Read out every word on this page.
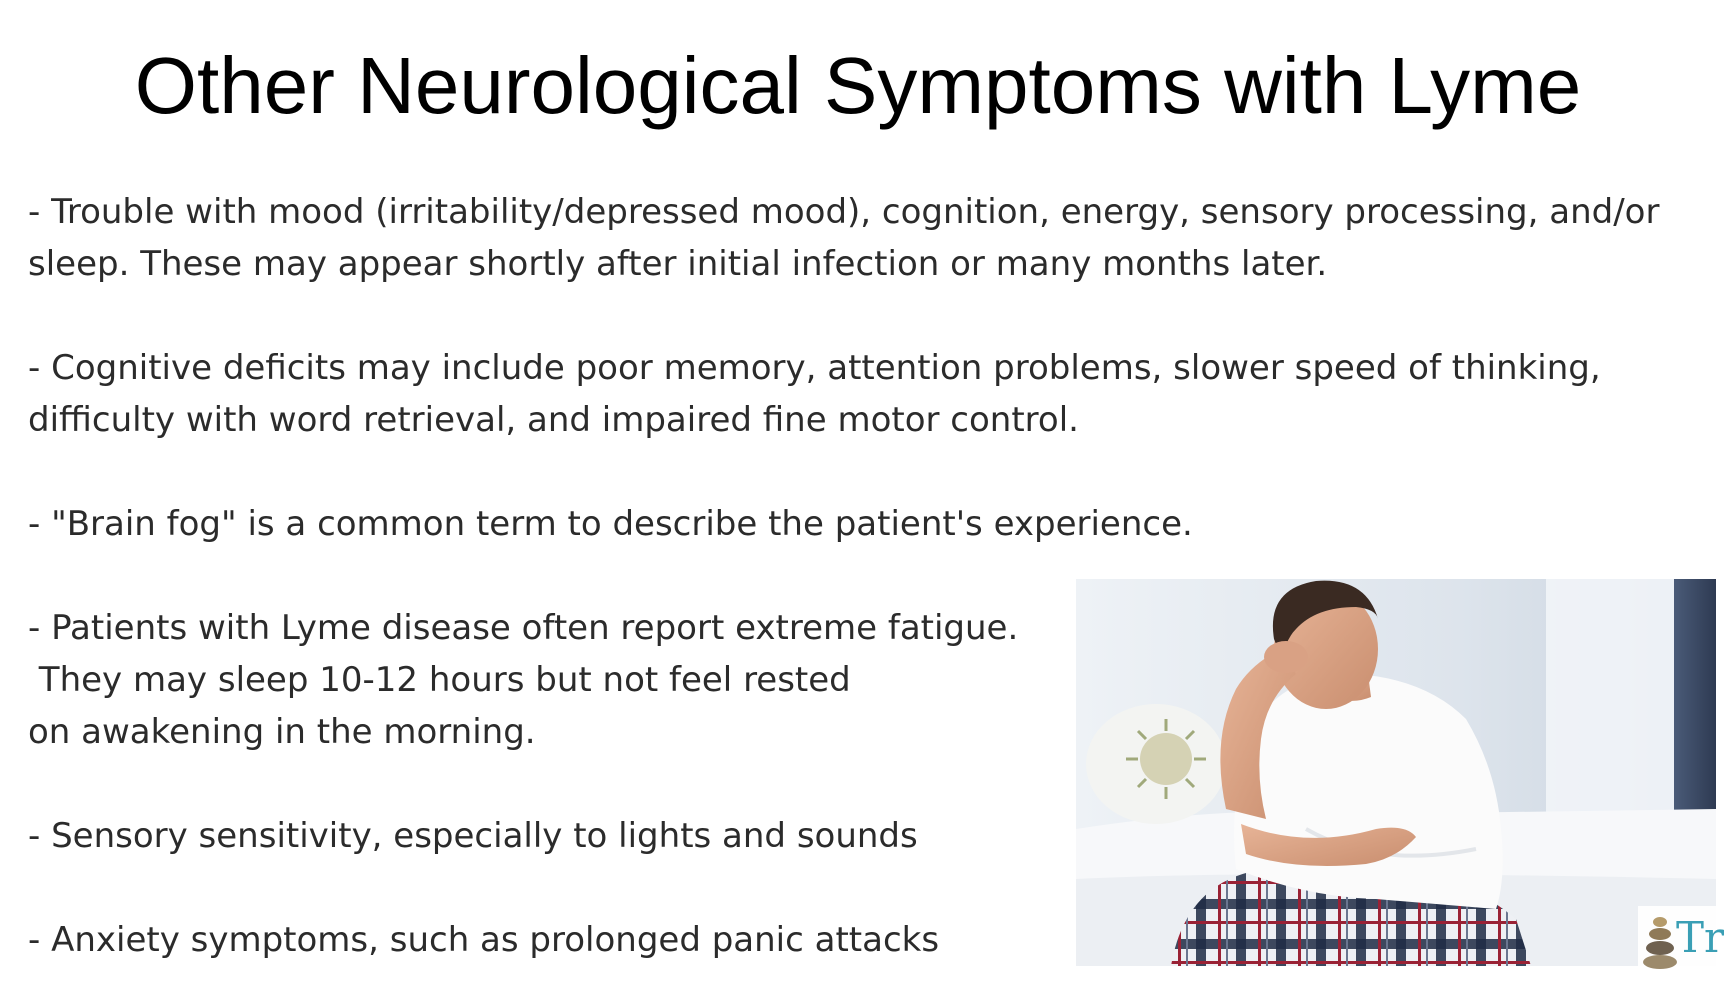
Other Neurological Symptoms with Lyme
- Trouble with mood (irritability/depressed mood), cognition, energy, sensory processing, and/or
sleep. These may appear shortly after initial infection or many months later.
- Cognitive deficits may include poor memory, attention problems, slower speed of thinking,
difficulty with word retrieval, and impaired fine motor control.
- "Brain fog" is a common term to describe the patient's experience.
- Patients with Lyme disease often report extreme fatigue.
They may sleep 10-12 hours but not feel rested
on awakening in the morning.
- Sensory sensitivity, especially to lights and sounds
- Anxiety symptoms, such as prolonged panic attacks	Tr
